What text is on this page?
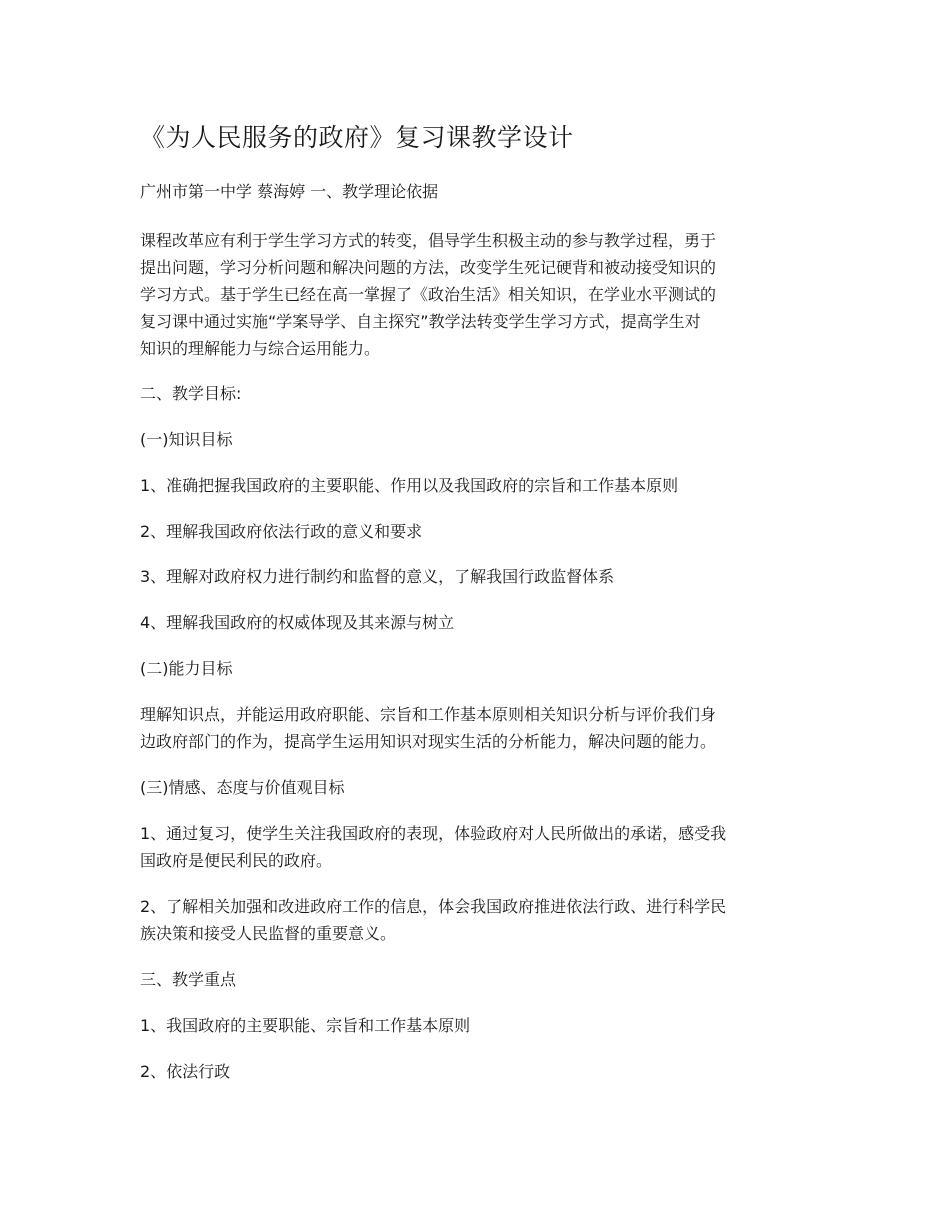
《为人民服务的政府》复习课教学设计

广州市第一中学 蔡海婷 一、教学理论依据

课程改革应有利于学生学习方式的转变，倡导学生积极主动的参与教学过程，勇于

提出问题，学习分析问题和解决问题的方法，改变学生死记硬背和被动接受知识的

学习方式。基于学生已经在高一掌握了《政治生活》相关知识，在学业水平测试的

复习课中通过实施“学案导学、自主探究”教学法转变学生学习方式，提高学生对

知识的理解能力与综合运用能力。

二、教学目标:

(一)知识目标

1、准确把握我国政府的主要职能、作用以及我国政府的宗旨和工作基本原则

2、理解我国政府依法行政的意义和要求

3、理解对政府权力进行制约和监督的意义，了解我国行政监督体系

4、理解我国政府的权威体现及其来源与树立

(二)能力目标

理解知识点，并能运用政府职能、宗旨和工作基本原则相关知识分析与评价我们身

边政府部门的作为，提高学生运用知识对现实生活的分析能力，解决问题的能力。

(三)情感、态度与价值观目标

1、通过复习，使学生关注我国政府的表现，体验政府对人民所做出的承诺，感受我

国政府是便民利民的政府。

2、了解相关加强和改进政府工作的信息，体会我国政府推进依法行政、进行科学民

族决策和接受人民监督的重要意义。

三、教学重点

1、我国政府的主要职能、宗旨和工作基本原则

2、依法行政
